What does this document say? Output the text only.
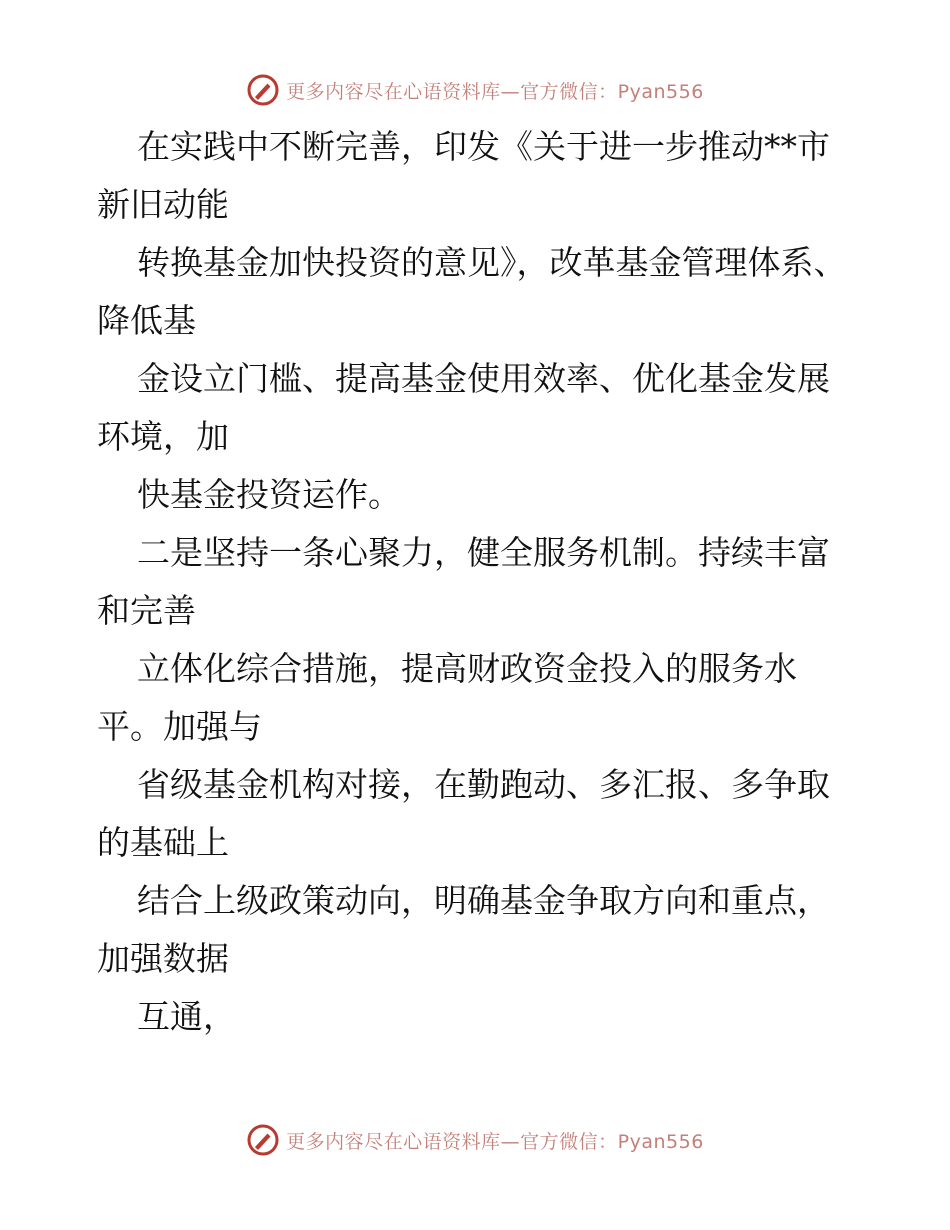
更多内容尽在心语资料库—官方微信：Pyan556

在实践中不断完善，印发《关于进一步推动**市新旧动能

转换基金加快投资的意见》，改革基金管理体系、降低基

金设立门槛、提高基金使用效率、优化基金发展环境，加

快基金投资运作。

二是坚持一条心聚力，健全服务机制。持续丰富和完善

立体化综合措施，提高财政资金投入的服务水平。加强与

省级基金机构对接，在勤跑动、多汇报、多争取的基础上

结合上级政策动向，明确基金争取方向和重点，加强数据

互通，

更多内容尽在心语资料库—官方微信：Pyan556
